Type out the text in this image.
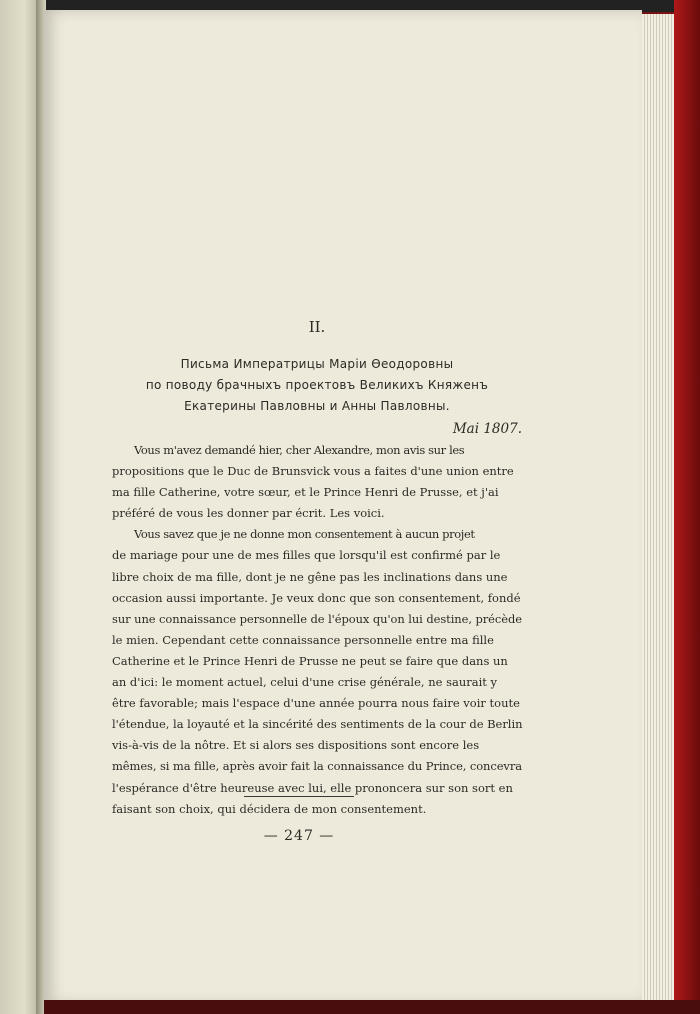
II.

Письма Императрицы Маріи Ѳеодоровны
по поводу брачныхъ проектовъ Великихъ Княженъ
Екатерины Павловны и Анны Павловны.

Mai 1807.

Vous m'avez demandé hier, cher Alexandre, mon avis sur les
propositions que le Duc de Brunsvick vous a faites d'une union entre
ma fille Catherine, votre sœur, et le Prince Henri de Prusse, et j'ai
préféré de vous les donner par écrit. Les voici.

Vous savez que je ne donne mon consentement à aucun projet
de mariage pour une de mes filles que lorsqu'il est confirmé par le
libre choix de ma fille, dont je ne gêne pas les inclinations dans une
occasion aussi importante. Je veux donc que son consentement, fondé
sur une connaissance personnelle de l'époux qu'on lui destine, précède
le mien. Cependant cette connaissance personnelle entre ma fille
Catherine et le Prince Henri de Prusse ne peut se faire que dans un
an d'ici: le moment actuel, celui d'une crise générale, ne saurait y
être favorable; mais l'espace d'une année pourra nous faire voir toute
l'étendue, la loyauté et la sincérité des sentiments de la cour de Berlin
vis-à-vis de la nôtre. Et si alors ses dispositions sont encore les
mêmes, si ma fille, après avoir fait la connaissance du Prince, concevra
l'espérance d'être heureuse avec lui, elle prononcera sur son sort en
faisant son choix, qui décidera de mon consentement.

— 247 —
